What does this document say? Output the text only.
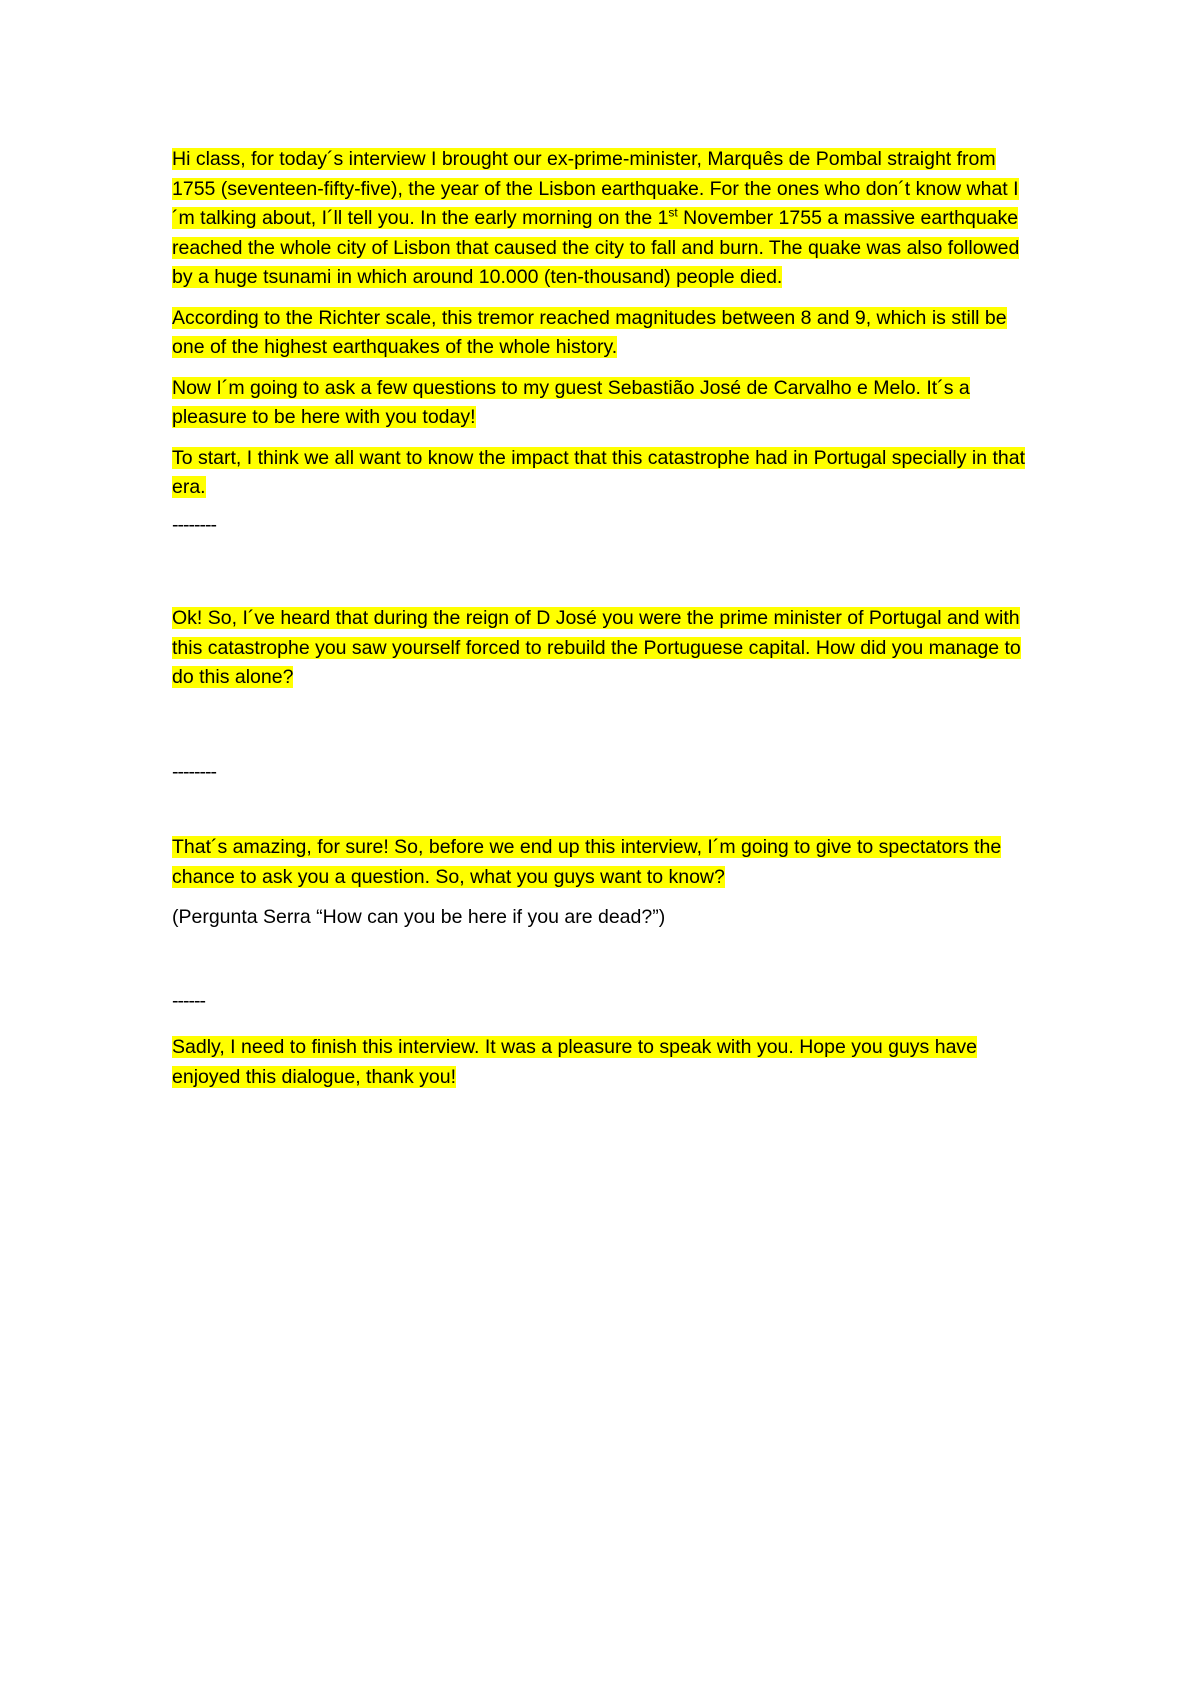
Hi class, for today´s interview I brought our ex-prime-minister, Marquês de Pombal straight from 1755 (seventeen-fifty-five), the year of the Lisbon earthquake. For the ones who don´t know what I´m talking about, I´ll tell you. In the early morning on the 1st November 1755 a massive earthquake reached the whole city of Lisbon that caused the city to fall and burn. The quake was also followed by a huge tsunami in which around 10.000 (ten-thousand) people died.

According to the Richter scale, this tremor reached magnitudes between 8 and 9, which is still be one of the highest earthquakes of the whole history.

Now I´m going to ask a few questions to my guest Sebastião José de Carvalho e Melo. It´s a pleasure to be here with you today!

To start, I think we all want to know the impact that this catastrophe had in Portugal specially in that era.

--------

Ok! So, I´ve heard that during the reign of D José you were the prime minister of Portugal and with this catastrophe you saw yourself forced to rebuild the Portuguese capital. How did you manage to do this alone?

--------

That´s amazing, for sure! So, before we end up this interview, I´m going to give to spectators the chance to ask you a question. So, what you guys want to know?

(Pergunta Serra “How can you be here if you are dead?”)

------

Sadly, I need to finish this interview. It was a pleasure to speak with you. Hope you guys have enjoyed this dialogue, thank you!
